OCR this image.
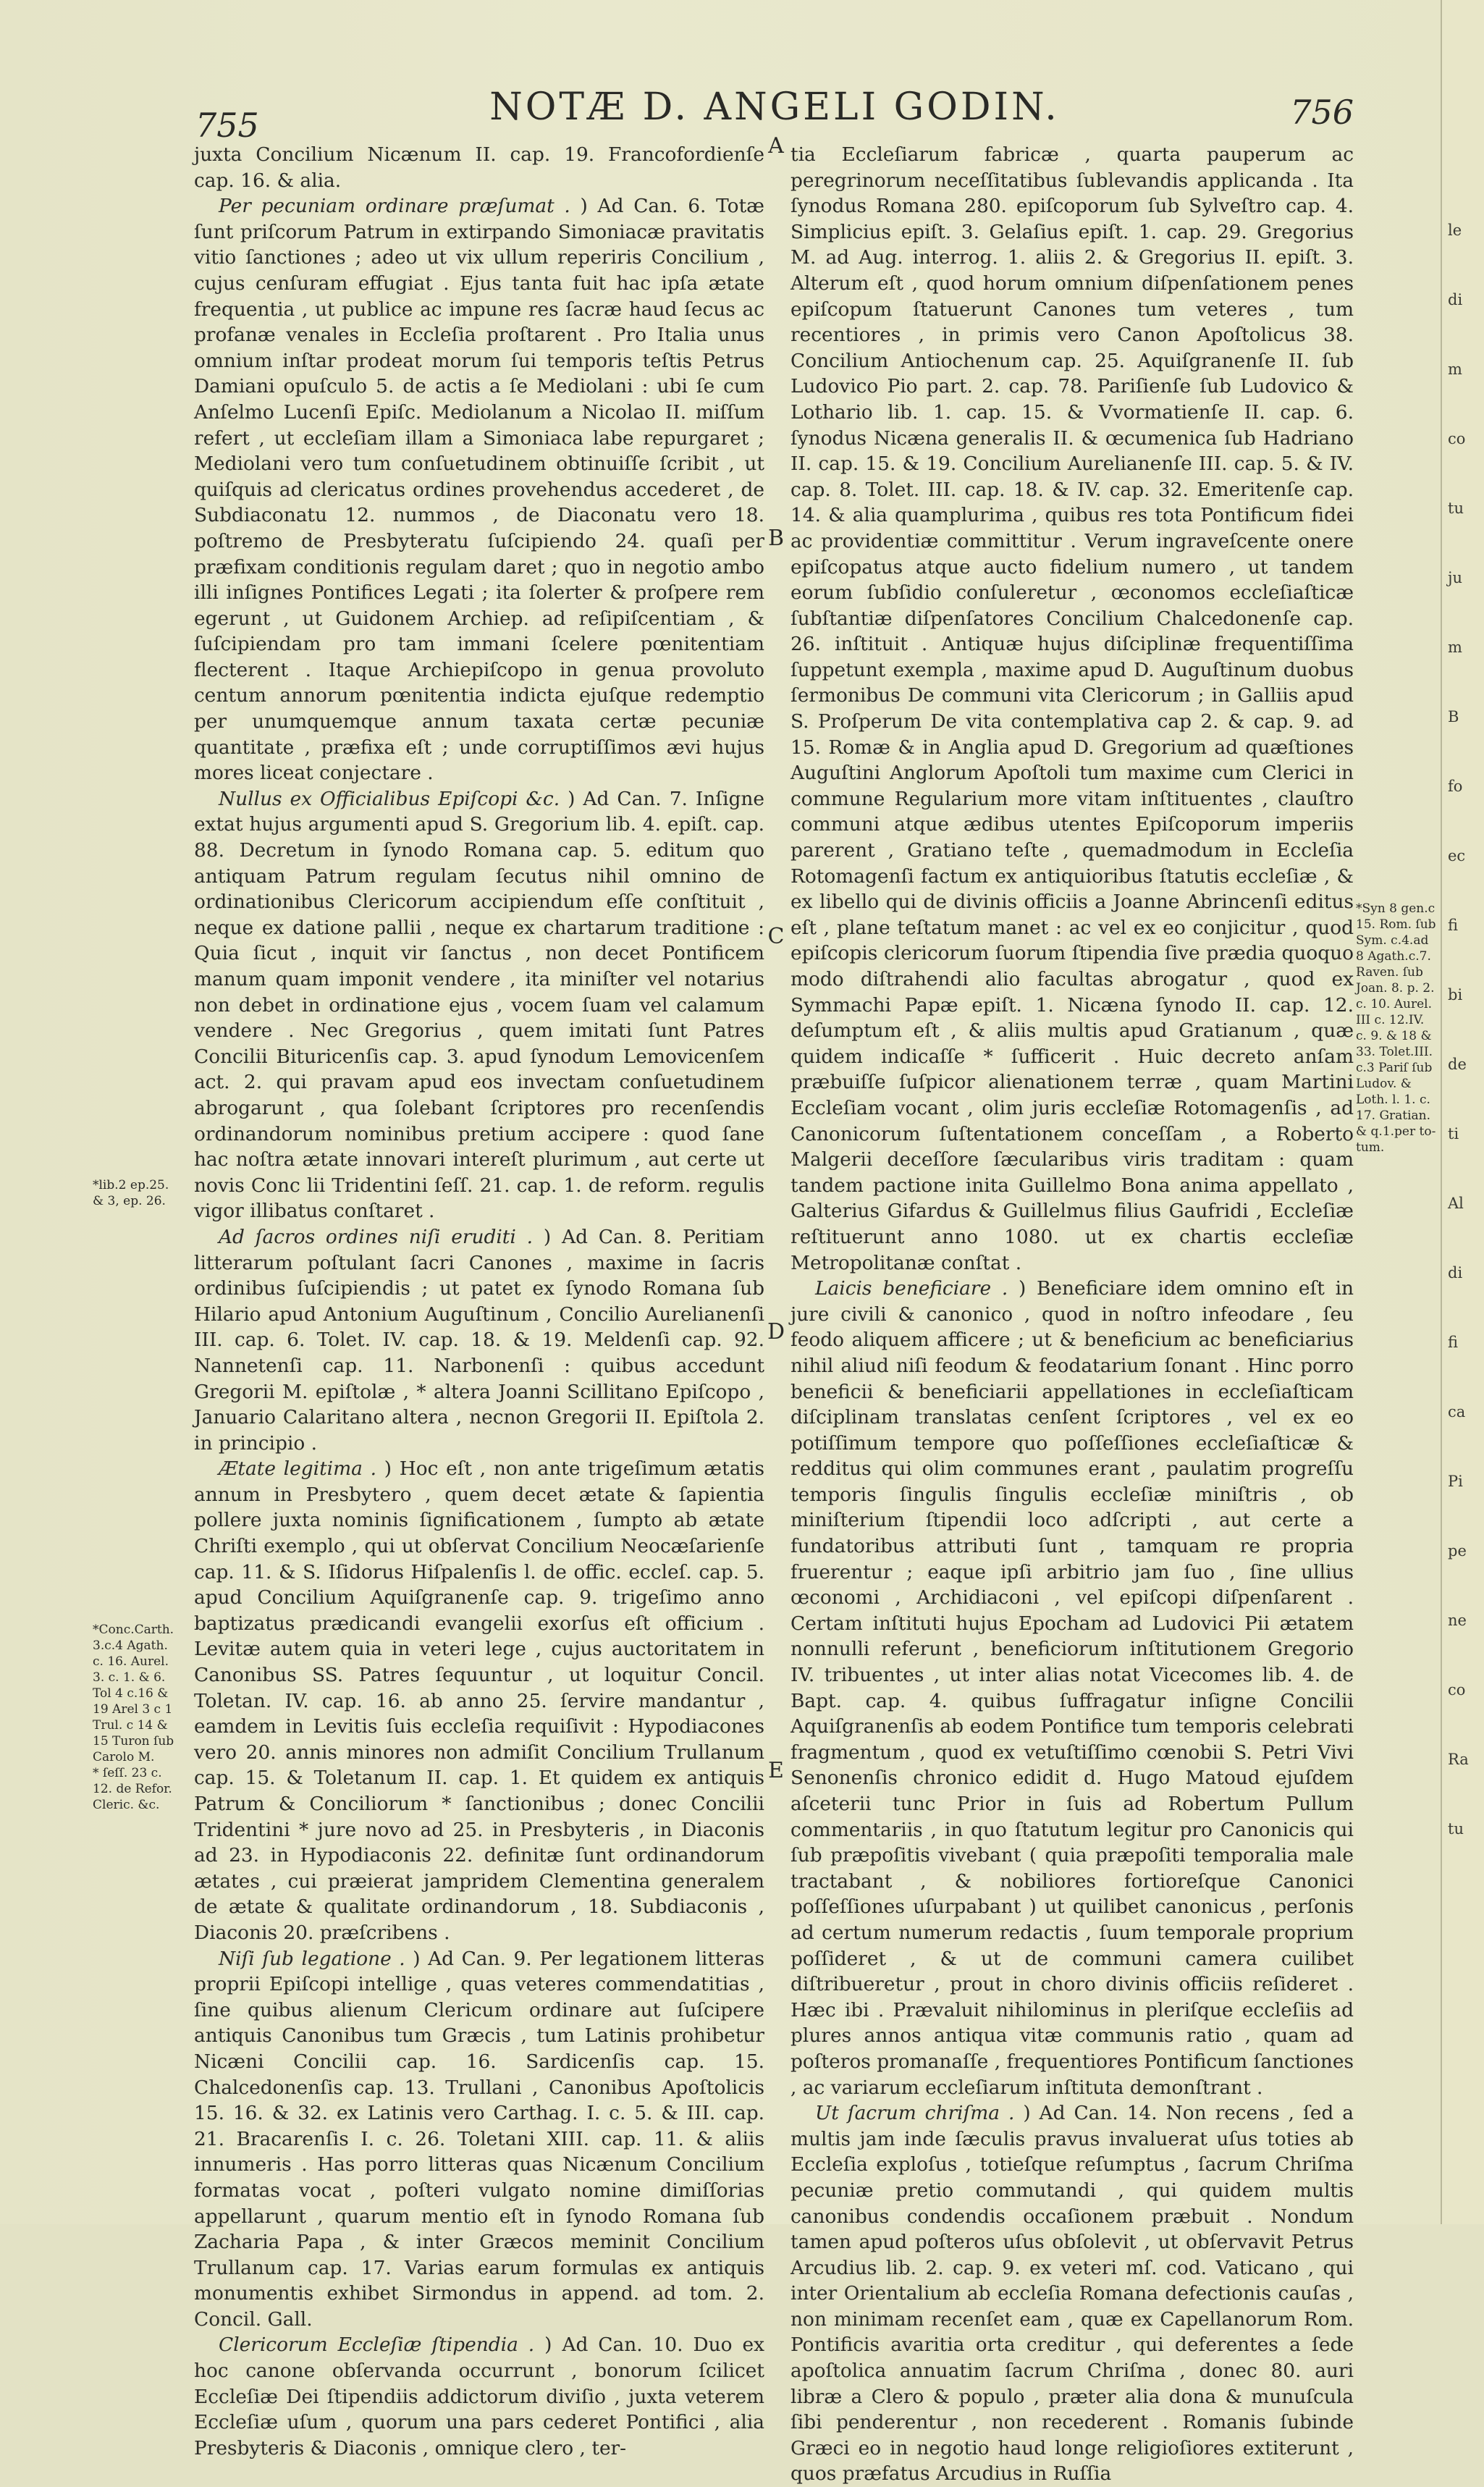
755	NOTÆ D. ANGELI GODIN.	756

juxta Concilium Nicænum II. cap. 19. Francofordienſe cap. 16. & alia.

Per pecuniam ordinare præſumat . ) Ad Can. 6. Totæ ſunt priſcorum Patrum in extirpando Simoniacæ pravitatis vitio ſanctiones ; adeo ut vix ullum reperiris Concilium , cujus cenſuram effugiat . Ejus tanta fuit hac ipſa ætate frequentia , ut publice ac impune res ſacræ haud ſecus ac profanæ venales in Eccleſia proſtarent . Pro Italia unus omnium inſtar prodeat morum ſui temporis teſtis Petrus Damiani opuſculo 5. de actis a ſe Mediolani : ubi ſe cum Anſelmo Lucenſi Epiſc. Mediolanum a Nicolao II. miſſum refert , ut eccleſiam illam a Simoniaca labe repurgaret ; Mediolani vero tum conſuetudinem obtinuiſſe ſcribit , ut quiſquis ad clericatus ordines provehendus accederet , de Subdiaconatu 12. nummos , de Diaconatu vero 18. poſtremo de Presbyteratu ſuſcipiendo 24. quaſi per præfixam conditionis regulam daret ; quo in negotio ambo illi inſignes Pontifices Legati ; ita ſolerter & proſpere rem egerunt , ut Guidonem Archiep. ad reſipiſcentiam , & ſuſcipiendam pro tam immani ſcelere pœnitentiam flecterent . Itaque Archiepiſcopo in genua provoluto centum annorum pœnitentia indicta ejuſque redemptio per unumquemque annum taxata certæ pecuniæ quantitate , præfixa eſt ; unde corruptiſſimos ævi hujus mores liceat conjectare .

Nullus ex Officialibus Epiſcopi &c. ) Ad Can. 7. Inſigne extat hujus argumenti apud S. Gregorium lib. 4. epiſt. cap. 88. Decretum in ſynodo Romana cap. 5. editum quo antiquam Patrum regulam ſecutus nihil omnino de ordinationibus Clericorum accipiendum eſſe conſtituit , neque ex datione pallii , neque ex chartarum traditione : Quia ſicut , inquit vir ſanctus , non decet Pontificem manum quam imponit vendere , ita miniſter vel notarius non debet in ordinatione ejus , vocem ſuam vel calamum vendere . Nec Gregorius , quem imitati ſunt Patres Concilii Bituricenſis cap. 3. apud ſynodum Lemovicenſem act. 2. qui pravam apud eos invectam conſuetudinem abrogarunt , qua ſolebant ſcriptores pro recenſendis ordinandorum nominibus pretium accipere : quod ſane hac noſtra ætate innovari intereſt plurimum , aut certe ut novis Conc lii Tridentini ſeſſ. 21. cap. 1. de reform. regulis vigor illibatus conſtaret .

Ad ſacros ordines niſi eruditi . ) Ad Can. 8. Peritiam litterarum poſtulant ſacri Canones , maxime in ſacris ordinibus ſuſcipiendis ; ut patet ex ſynodo Romana ſub Hilario apud Antonium Auguſtinum , Concilio Aurelianenſi III. cap. 6. Tolet. IV. cap. 18. & 19. Meldenſi cap. 92. Nannetenſi cap. 11. Narbonenſi : quibus accedunt Gregorii M. epiſtolæ , * altera Joanni Scillitano Epiſcopo , Januario Calaritano altera , necnon Gregorii II. Epiſtola 2. in principio .

Ætate legitima . ) Hoc eſt , non ante trigeſimum ætatis annum in Presbytero , quem decet ætate & ſapientia pollere juxta nominis ſignificationem , ſumpto ab ætate Chriſti exemplo , qui ut obſervat Concilium Neocæſarienſe cap. 11. & S. Iſidorus Hiſpalenſis l. de offic. eccleſ. cap. 5. apud Concilium Aquiſgranenſe cap. 9. trigeſimo anno baptizatus prædicandi evangelii exorſus eſt officium . Levitæ autem quia in veteri lege , cujus auctoritatem in Canonibus SS. Patres ſequuntur , ut loquitur Concil. Toletan. IV. cap. 16. ab anno 25. ſervire mandantur , eamdem in Levitis ſuis eccleſia requiſivit : Hypodiacones vero 20. annis minores non admiſit Concilium Trullanum cap. 15. & Toletanum II. cap. 1. Et quidem ex antiquis Patrum & Conciliorum * ſanctionibus ; donec Concilii Tridentini * jure novo ad 25. in Presbyteris , in Diaconis ad 23. in Hypodiaconis 22. definitæ ſunt ordinandorum ætates , cui præierat jampridem Clementina generalem de ætate & qualitate ordinandorum , 18. Subdiaconis , Diaconis 20. præſcribens .

Niſi ſub legatione . ) Ad Can. 9. Per legationem litteras proprii Epiſcopi intellige , quas veteres commendatitias , ſine quibus alienum Clericum ordinare aut ſuſcipere antiquis Canonibus tum Græcis , tum Latinis prohibetur Nicæni Concilii cap. 16. Sardicenſis cap. 15. Chalcedonenſis cap. 13. Trullani , Canonibus Apoſtolicis 15. 16. & 32. ex Latinis vero Carthag. I. c. 5. & III. cap. 21. Bracarenſis I. c. 26. Toletani XIII. cap. 11. & aliis innumeris . Has porro litteras quas Nicænum Concilium formatas vocat , poſteri vulgato nomine dimiſſorias appellarunt , quarum mentio eſt in ſynodo Romana ſub Zacharia Papa , & inter Græcos meminit Concilium Trullanum cap. 17. Varias earum formulas ex antiquis monumentis exhibet Sirmondus in append. ad tom. 2. Concil. Gall.

Clericorum Eccleſiæ ſtipendia . ) Ad Can. 10. Duo ex hoc canone obſervanda occurrunt , bonorum ſcilicet Eccleſiæ Dei ſtipendiis addictorum diviſio , juxta veterem Eccleſiæ uſum , quorum una pars cederet Pontifici , alia Presbyteris & Diaconis , omnique clero , ter-

tia Eccleſiarum fabricæ , quarta pauperum ac peregrinorum neceſſitatibus ſublevandis applicanda . Ita ſynodus Romana 280. epiſcoporum ſub Sylveſtro cap. 4. Simplicius epiſt. 3. Gelaſius epiſt. 1. cap. 29. Gregorius M. ad Aug. interrog. 1. aliis 2. & Gregorius II. epiſt. 3. Alterum eſt , quod horum omnium diſpenſationem penes epiſcopum ſtatuerunt Canones tum veteres , tum recentiores , in primis vero Canon Apoſtolicus 38. Concilium Antiochenum cap. 25. Aquiſgranenſe II. ſub Ludovico Pio part. 2. cap. 78. Pariſienſe ſub Ludovico & Lothario lib. 1. cap. 15. & Vvormatienſe II. cap. 6. ſynodus Nicæna generalis II. & œcumenica ſub Hadriano II. cap. 15. & 19. Concilium Aurelianenſe III. cap. 5. & IV. cap. 8. Tolet. III. cap. 18. & IV. cap. 32. Emeritenſe cap. 14. & alia quamplurima , quibus res tota Pontificum fidei ac providentiæ committitur . Verum ingraveſcente onere epiſcopatus atque aucto fidelium numero , ut tandem eorum ſubſidio conſuleretur , œconomos eccleſiaſticæ ſubſtantiæ diſpenſatores Concilium Chalcedonenſe cap. 26. inſtituit . Antiquæ hujus diſciplinæ frequentiſſima ſuppetunt exempla , maxime apud D. Auguſtinum duobus ſermonibus De communi vita Clericorum ; in Galliis apud S. Proſperum De vita contemplativa cap 2. & cap. 9. ad 15. Romæ & in Anglia apud D. Gregorium ad quæſtiones Auguſtini Anglorum Apoſtoli tum maxime cum Clerici in commune Regularium more vitam inſtituentes , clauſtro communi atque ædibus utentes Epiſcoporum imperiis parerent , Gratiano teſte , quemadmodum in Eccleſia Rotomagenſi factum ex antiquioribus ſtatutis eccleſiæ , & ex libello qui de divinis officiis a Joanne Abrincenſi editus eſt , plane teſtatum manet : ac vel ex eo conjicitur , quod epiſcopis clericorum ſuorum ſtipendia ſive prædia quoquo modo diſtrahendi alio facultas abrogatur , quod ex Symmachi Papæ epiſt. 1. Nicæna ſynodo II. cap. 12. deſumptum eſt , & aliis multis apud Gratianum , quæ quidem indicaſſe * ſufficerit . Huic decreto anſam præbuiſſe ſuſpicor alienationem terræ , quam Martini Eccleſiam vocant , olim juris eccleſiæ Rotomagenſis , ad Canonicorum ſuſtentationem conceſſam , a Roberto Malgerii deceſſore ſæcularibus viris traditam : quam tandem pactione inita Guillelmo Bona anima appellato , Galterius Gifardus & Guillelmus filius Gaufridi , Eccleſiæ reſtituerunt anno 1080. ut ex chartis eccleſiæ Metropolitanæ conſtat .

Laicis beneficiare . ) Beneficiare idem omnino eſt in jure civili & canonico , quod in noſtro infeodare , ſeu feodo aliquem afficere ; ut & beneficium ac beneficiarius nihil aliud niſi feodum & feodatarium ſonant . Hinc porro beneficii & beneficiarii appellationes in eccleſiaſticam diſciplinam translatas cenſent ſcriptores , vel ex eo potiſſimum tempore quo poſſeſſiones eccleſiaſticæ & redditus qui olim communes erant , paulatim progreſſu temporis ſingulis ſingulis eccleſiæ miniſtris , ob miniſterium ſtipendii loco adſcripti , aut certe a fundatoribus attributi ſunt , tamquam re propria fruerentur ; eaque ipſi arbitrio jam ſuo , ſine ullius œconomi , Archidiaconi , vel epiſcopi diſpenſarent . Certam inſtituti hujus Epocham ad Ludovici Pii ætatem nonnulli referunt , beneficiorum inſtitutionem Gregorio IV. tribuentes , ut inter alias notat Vicecomes lib. 4. de Bapt. cap. 4. quibus ſuffragatur inſigne Concilii Aquiſgranenſis ab eodem Pontifice tum temporis celebrati fragmentum , quod ex vetuſtiſſimo cœnobii S. Petri Vivi Senonenſis chronico edidit d. Hugo Matoud ejuſdem aſceterii tunc Prior in ſuis ad Robertum Pullum commentariis , in quo ſtatutum legitur pro Canonicis qui ſub præpoſitis vivebant ( quia præpoſiti temporalia male tractabant , & nobiliores fortioreſque Canonici poſſeſſiones uſurpabant ) ut quilibet canonicus , perſonis ad certum numerum redactis , ſuum temporale proprium poſſideret , & ut de communi camera cuilibet diſtribueretur , prout in choro divinis officiis reſideret . Hæc ibi . Prævaluit nihilominus in pleriſque eccleſiis ad plures annos antiqua vitæ communis ratio , quam ad poſteros promanaſſe , frequentiores Pontificum ſanctiones , ac variarum eccleſiarum inſtituta demonſtrant .

Ut ſacrum chriſma . ) Ad Can. 14. Non recens , ſed a multis jam inde ſæculis pravus invaluerat uſus toties ab Eccleſia exploſus , totieſque reſumptus , ſacrum Chriſma pecuniæ pretio commutandi , qui quidem multis canonibus condendis occaſionem præbuit . Nondum tamen apud poſteros uſus obſolevit , ut obſervavit Petrus Arcudius lib. 2. cap. 9. ex veteri mſ. cod. Vaticano , qui inter Orientalium ab eccleſia Romana defectionis cauſas , non minimam recenſet eam , quæ ex Capellanorum Rom. Pontificis avaritia orta creditur , qui deferentes a ſede apoſtolica annuatim ſacrum Chriſma , donec 80. auri libræ a Clero & populo , præter alia dona & munuſcula ſibi penderentur , non recederent . Romanis ſubinde Græci eo in negotio haud longe religioſiores extiterunt , quos præfatus Arcudius in Ruſſia

A
B
C
D
E
*lib.2 ep.25.
& 3, ep. 26.
*Conc.Carth.
3.c.4 Agath.
c. 16. Aurel.
3. c. 1. & 6.
Tol 4 c.16 &
19 Arel 3 c 1
Trul. c 14 &
15 Turon ſub
Carolo M.
* ſeſſ. 23 c.
12. de Refor.
Cleric. &c.
*Syn 8 gen.c
15. Rom. ſub
Sym. c.4.ad
8 Agath.c.7.
Raven. ſub
Joan. 8. p. 2.
c. 10. Aurel.
III c. 12.IV.
c. 9. & 18 &
33. Tolet.III.
c.3 Pariſ ſub
Ludov. &
Loth. l. 1. c.
17. Gratian.
& q.1.per to-
tum.
le
di
m
co
tu
ju
m
B
fo
ec
fi
bi
de
ti
Al
di
fi
ca
Pi
pe
ne
co
Ra
tu
